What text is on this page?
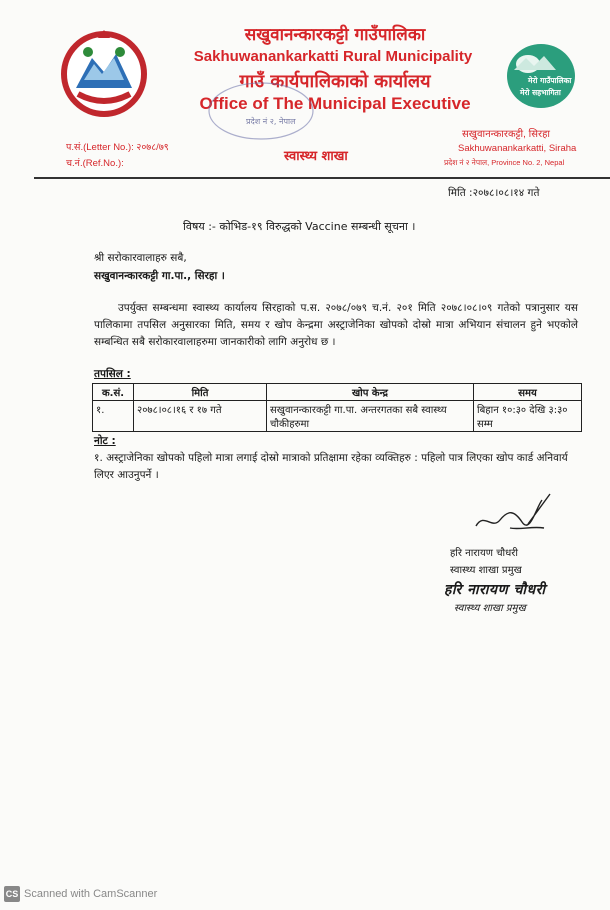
सखुवानन्कारकट्टी गाउँपालिका
Sakhuwanankarkatti Rural Municipality
गाउँ कार्यपालिकाको कार्यालय
Office of The Municipal Executive
प्रदेश नं २, नेपाल
मेरो गाउँपालिका
मेरो सहभागिता
प.सं.(Letter No.): २०७८/७९
च.नं.(Ref.No.):	स्वास्थ्य शाखा
सखुवानन्कारकट्टी, सिरहा
Sakhuwanankarkatti, Siraha
प्रदेश नं २ नेपाल, Province No. 2, Nepal
मिति :२०७८।०८।१४ गते
विषय :- कोभिड-१९ विरुद्धको Vaccine सम्बन्धी सूचना ।
श्री सरोकारवालाहरु सबै,
सखुवानन्कारकट्टी गा.पा., सिरहा ।
उपर्युक्त सम्बन्धमा स्वास्थ्य कार्यालय सिरहाको प.स. २०७८/०७९ च.नं. २०१ मिति २०७८।०८।०९ गतेको पत्रानुसार यस पालिकामा तपसिल अनुसारका मिति, समय र खोप केन्द्रमा अस्ट्राजेनिका खोपको दोस्रो मात्रा अभियान संचालन हुने भएकोले सम्बन्धित सबै सरोकारवालाहरुमा जानकारीको लागि अनुरोध छ ।
तपसिल :
क.सं.	मिति	खोप केन्द्र	समय
१.	२०७८।०८।१६ र १७ गते	सखुवानन्कारकट्टी गा.पा. अन्तरगतका सबै स्वास्थ्य चौकीहरुमा	बिहान १०:३० देखि ३:३० सम्म
नोट :
१. अस्ट्राजेनिका खोपको पहिलो मात्रा लगाई दोस्रो मात्राको प्रतिक्षामा रहेका व्यक्तिहरु : पहिलो पात्र लिएका खोप कार्ड अनिवार्य लिएर आउनुपर्ने ।
हरि नारायण चौधरी
स्वास्थ्य शाखा प्रमुख
हरि नारायण चौधरी
स्वास्थ्य शाखा प्रमुख
CS Scanned with CamScanner
